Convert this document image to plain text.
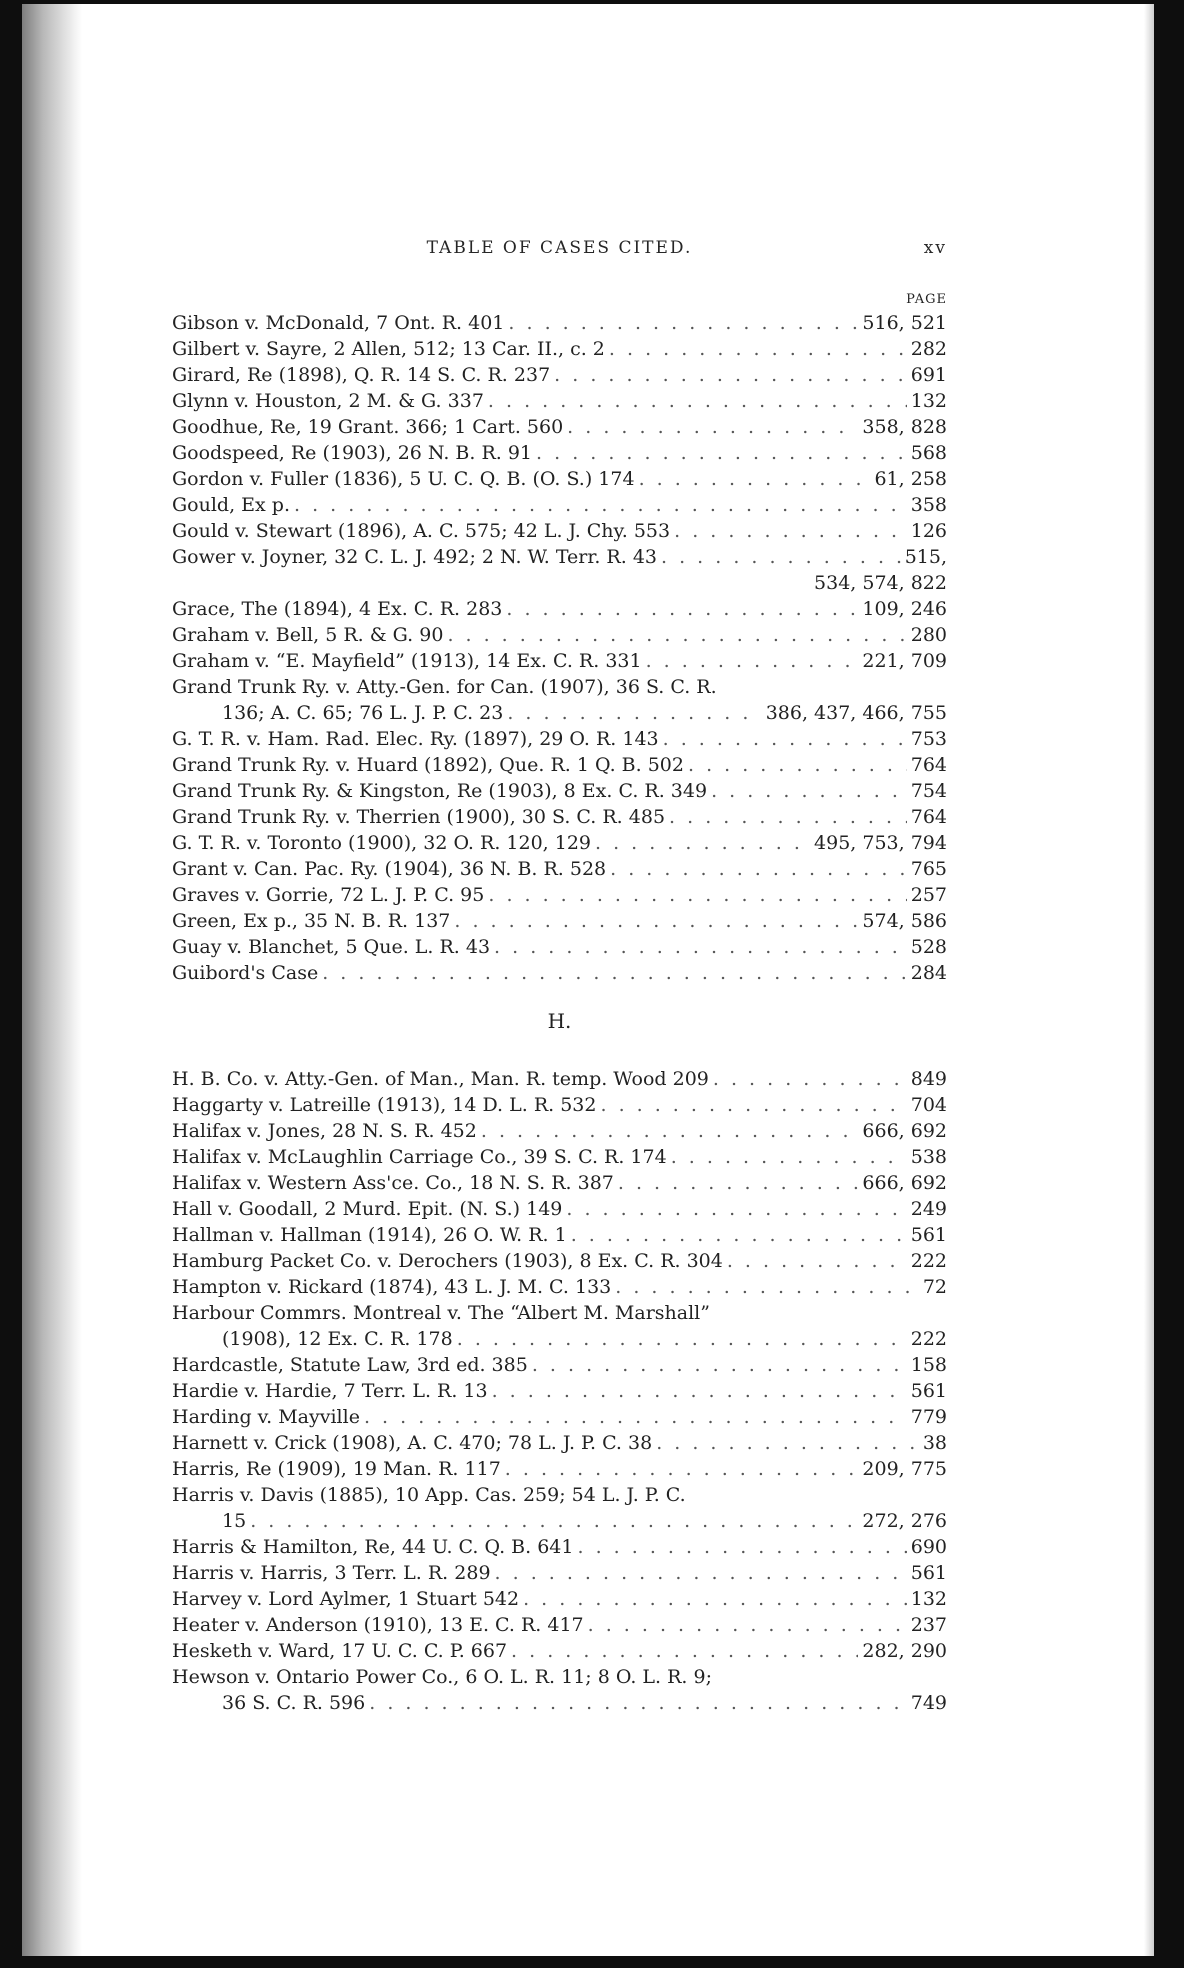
TABLE OF CASES CITED.	xv
PAGE
Gibson v. McDonald, 7 Ont. R. 401 . . .	516, 521
Gilbert v. Sayre, 2 Allen, 512; 13 Car. II., c. 2 . . .	282
Girard, Re (1898), Q. R. 14 S. C. R. 237 . . .	691
Glynn v. Houston, 2 M. & G. 337 . . .	132
Goodhue, Re, 19 Grant. 366; 1 Cart. 560 . . .	358, 828
Goodspeed, Re (1903), 26 N. B. R. 91 . . .	568
Gordon v. Fuller (1836), 5 U. C. Q. B. (O. S.) 174 . . .	61, 258
Gould, Ex p. . . .	358
Gould v. Stewart (1896), A. C. 575; 42 L. J. Chy. 553 . . .	126
Gower v. Joyner, 32 C. L. J. 492; 2 N. W. Terr. R. 43 . . .	515,
534, 574, 822
Grace, The (1894), 4 Ex. C. R. 283 . . .	109, 246
Graham v. Bell, 5 R. & G. 90 . . .	280
Graham v. “E. Mayfield” (1913), 14 Ex. C. R. 331 . . .	221, 709
Grand Trunk Ry. v. Atty.-Gen. for Can. (1907), 36 S. C. R.
136; A. C. 65; 76 L. J. P. C. 23 . . .	386, 437, 466, 755
G. T. R. v. Ham. Rad. Elec. Ry. (1897), 29 O. R. 143 . . .	753
Grand Trunk Ry. v. Huard (1892), Que. R. 1 Q. B. 502 . . .	764
Grand Trunk Ry. & Kingston, Re (1903), 8 Ex. C. R. 349 . . .	754
Grand Trunk Ry. v. Therrien (1900), 30 S. C. R. 485 . . .	764
G. T. R. v. Toronto (1900), 32 O. R. 120, 129 . . .	495, 753, 794
Grant v. Can. Pac. Ry. (1904), 36 N. B. R. 528 . . .	765
Graves v. Gorrie, 72 L. J. P. C. 95 . . .	257
Green, Ex p., 35 N. B. R. 137 . . .	574, 586
Guay v. Blanchet, 5 Que. L. R. 43 . . .	528
Guibord's Case . . .	284
H.
H. B. Co. v. Atty.-Gen. of Man., Man. R. temp. Wood 209 . . .	849
Haggarty v. Latreille (1913), 14 D. L. R. 532 . . .	704
Halifax v. Jones, 28 N. S. R. 452 . . .	666, 692
Halifax v. McLaughlin Carriage Co., 39 S. C. R. 174 . . .	538
Halifax v. Western Ass'ce. Co., 18 N. S. R. 387 . . .	666, 692
Hall v. Goodall, 2 Murd. Epit. (N. S.) 149 . . .	249
Hallman v. Hallman (1914), 26 O. W. R. 1 . . .	561
Hamburg Packet Co. v. Derochers (1903), 8 Ex. C. R. 304 . . .	222
Hampton v. Rickard (1874), 43 L. J. M. C. 133 . . .	72
Harbour Commrs. Montreal v. The “Albert M. Marshall”
(1908), 12 Ex. C. R. 178 . . .	222
Hardcastle, Statute Law, 3rd ed. 385 . . .	158
Hardie v. Hardie, 7 Terr. L. R. 13 . . .	561
Harding v. Mayville . . .	779
Harnett v. Crick (1908), A. C. 470; 78 L. J. P. C. 38 . . .	38
Harris, Re (1909), 19 Man. R. 117 . . .	209, 775
Harris v. Davis (1885), 10 App. Cas. 259; 54 L. J. P. C.
15 . . .	272, 276
Harris & Hamilton, Re, 44 U. C. Q. B. 641 . . .	690
Harris v. Harris, 3 Terr. L. R. 289 . . .	561
Harvey v. Lord Aylmer, 1 Stuart 542 . . .	132
Heater v. Anderson (1910), 13 E. C. R. 417 . . .	237
Hesketh v. Ward, 17 U. C. C. P. 667 . . .	282, 290
Hewson v. Ontario Power Co., 6 O. L. R. 11; 8 O. L. R. 9;
36 S. C. R. 596 . . .	749
